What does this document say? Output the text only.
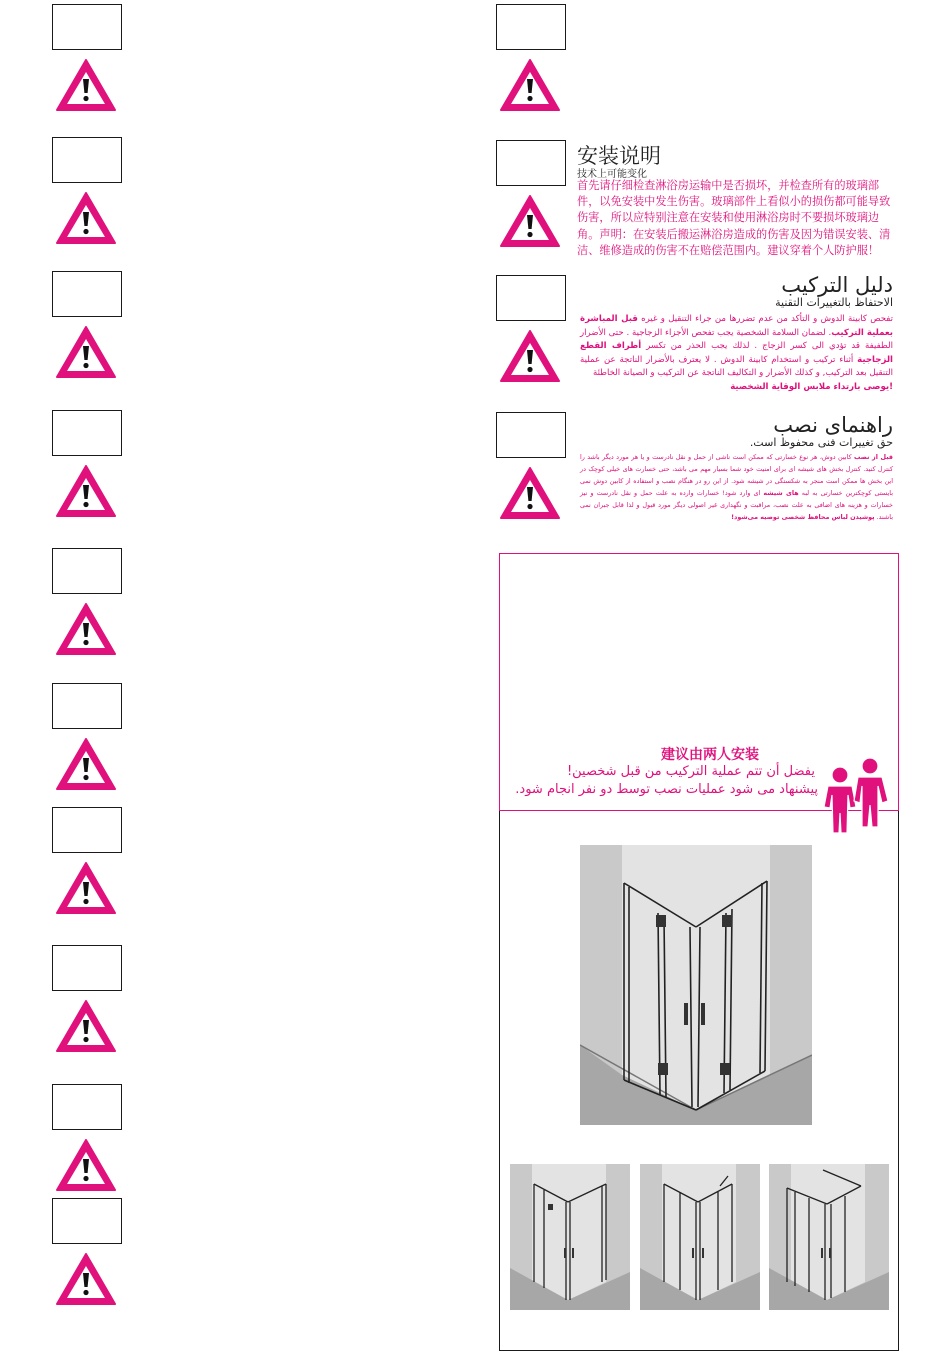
安装说明
技术上可能变化
首先请仔细检查淋浴房运输中是否损坏，并检查所有的玻璃部件，以免安装中发生伤害。玻璃部件上看似小的损伤都可能导致伤害，所以应特别注意在安装和使用淋浴房时不要损坏玻璃边角。声明：在安装后搬运淋浴房造成的伤害及因为错误安装、清洁、维修造成的伤害不在赔偿范围内。建议穿着个人防护服！
دليل التركيب
الاحتفاظ بالتغييرات التقنية
تفحص كابينة الدوش و التأكد من عدم تضررها من جراء التنقيل و غيره قبل المباشرة بعملية التركيب. لضمان السلامة الشخصية يجب تفحص الأجزاء الزجاجية . حتى الأضرار الطفيفة قد تؤدي الى كسر الزجاج . لذلك يجب الحذر من تكسر أطراف القطع الزجاجية أثناء تركيب و استخدام كابينة الدوش . لا يعترف بالأضرار الناتجة عن عملية التنقيل بعد التركيب, و كذلك الأضرار و التكاليف الناتجة عن التركيب و الصيانة الخاطئة
!يوصى بارتداء ملابس الوقاية الشخصية
راهنمای نصب
حق تغییرات فنی محفوظ است.
قبل از نصب کابین دوش، هر نوع خسارتی که ممکن است ناشی از حمل و نقل نادرست و یا هر مورد دیگر باشد را کنترل کنید. کنترل بخش های شیشه ای برای امنیت خود شما بسیار مهم می باشد، حتی خسارت های خیلی کوچک در این بخش ها ممکن است منجر به شکستگی در شیشه شود. از این رو در هنگام نصب و استفاده از کابین دوش نمی بایستی کوچکترین خسارتی به لبه های شیشه ای وارد شود! خسارات وارده به علت حمل و نقل نادرست و نیز خسارات و هزینه های اضافی به علت نصب، مراقبت و نگهداری غیر اصولی دیگر مورد قبول و لذا قابل جبران نمی باشند. پوشیدن لباس محافظ شخصی توصیه می‌شود!
建议由两人安装
يفضل أن تتم عملية التركيب من قبل شخصين!
پیشنهاد می شود عملیات نصب توسط دو نفر انجام شود.
